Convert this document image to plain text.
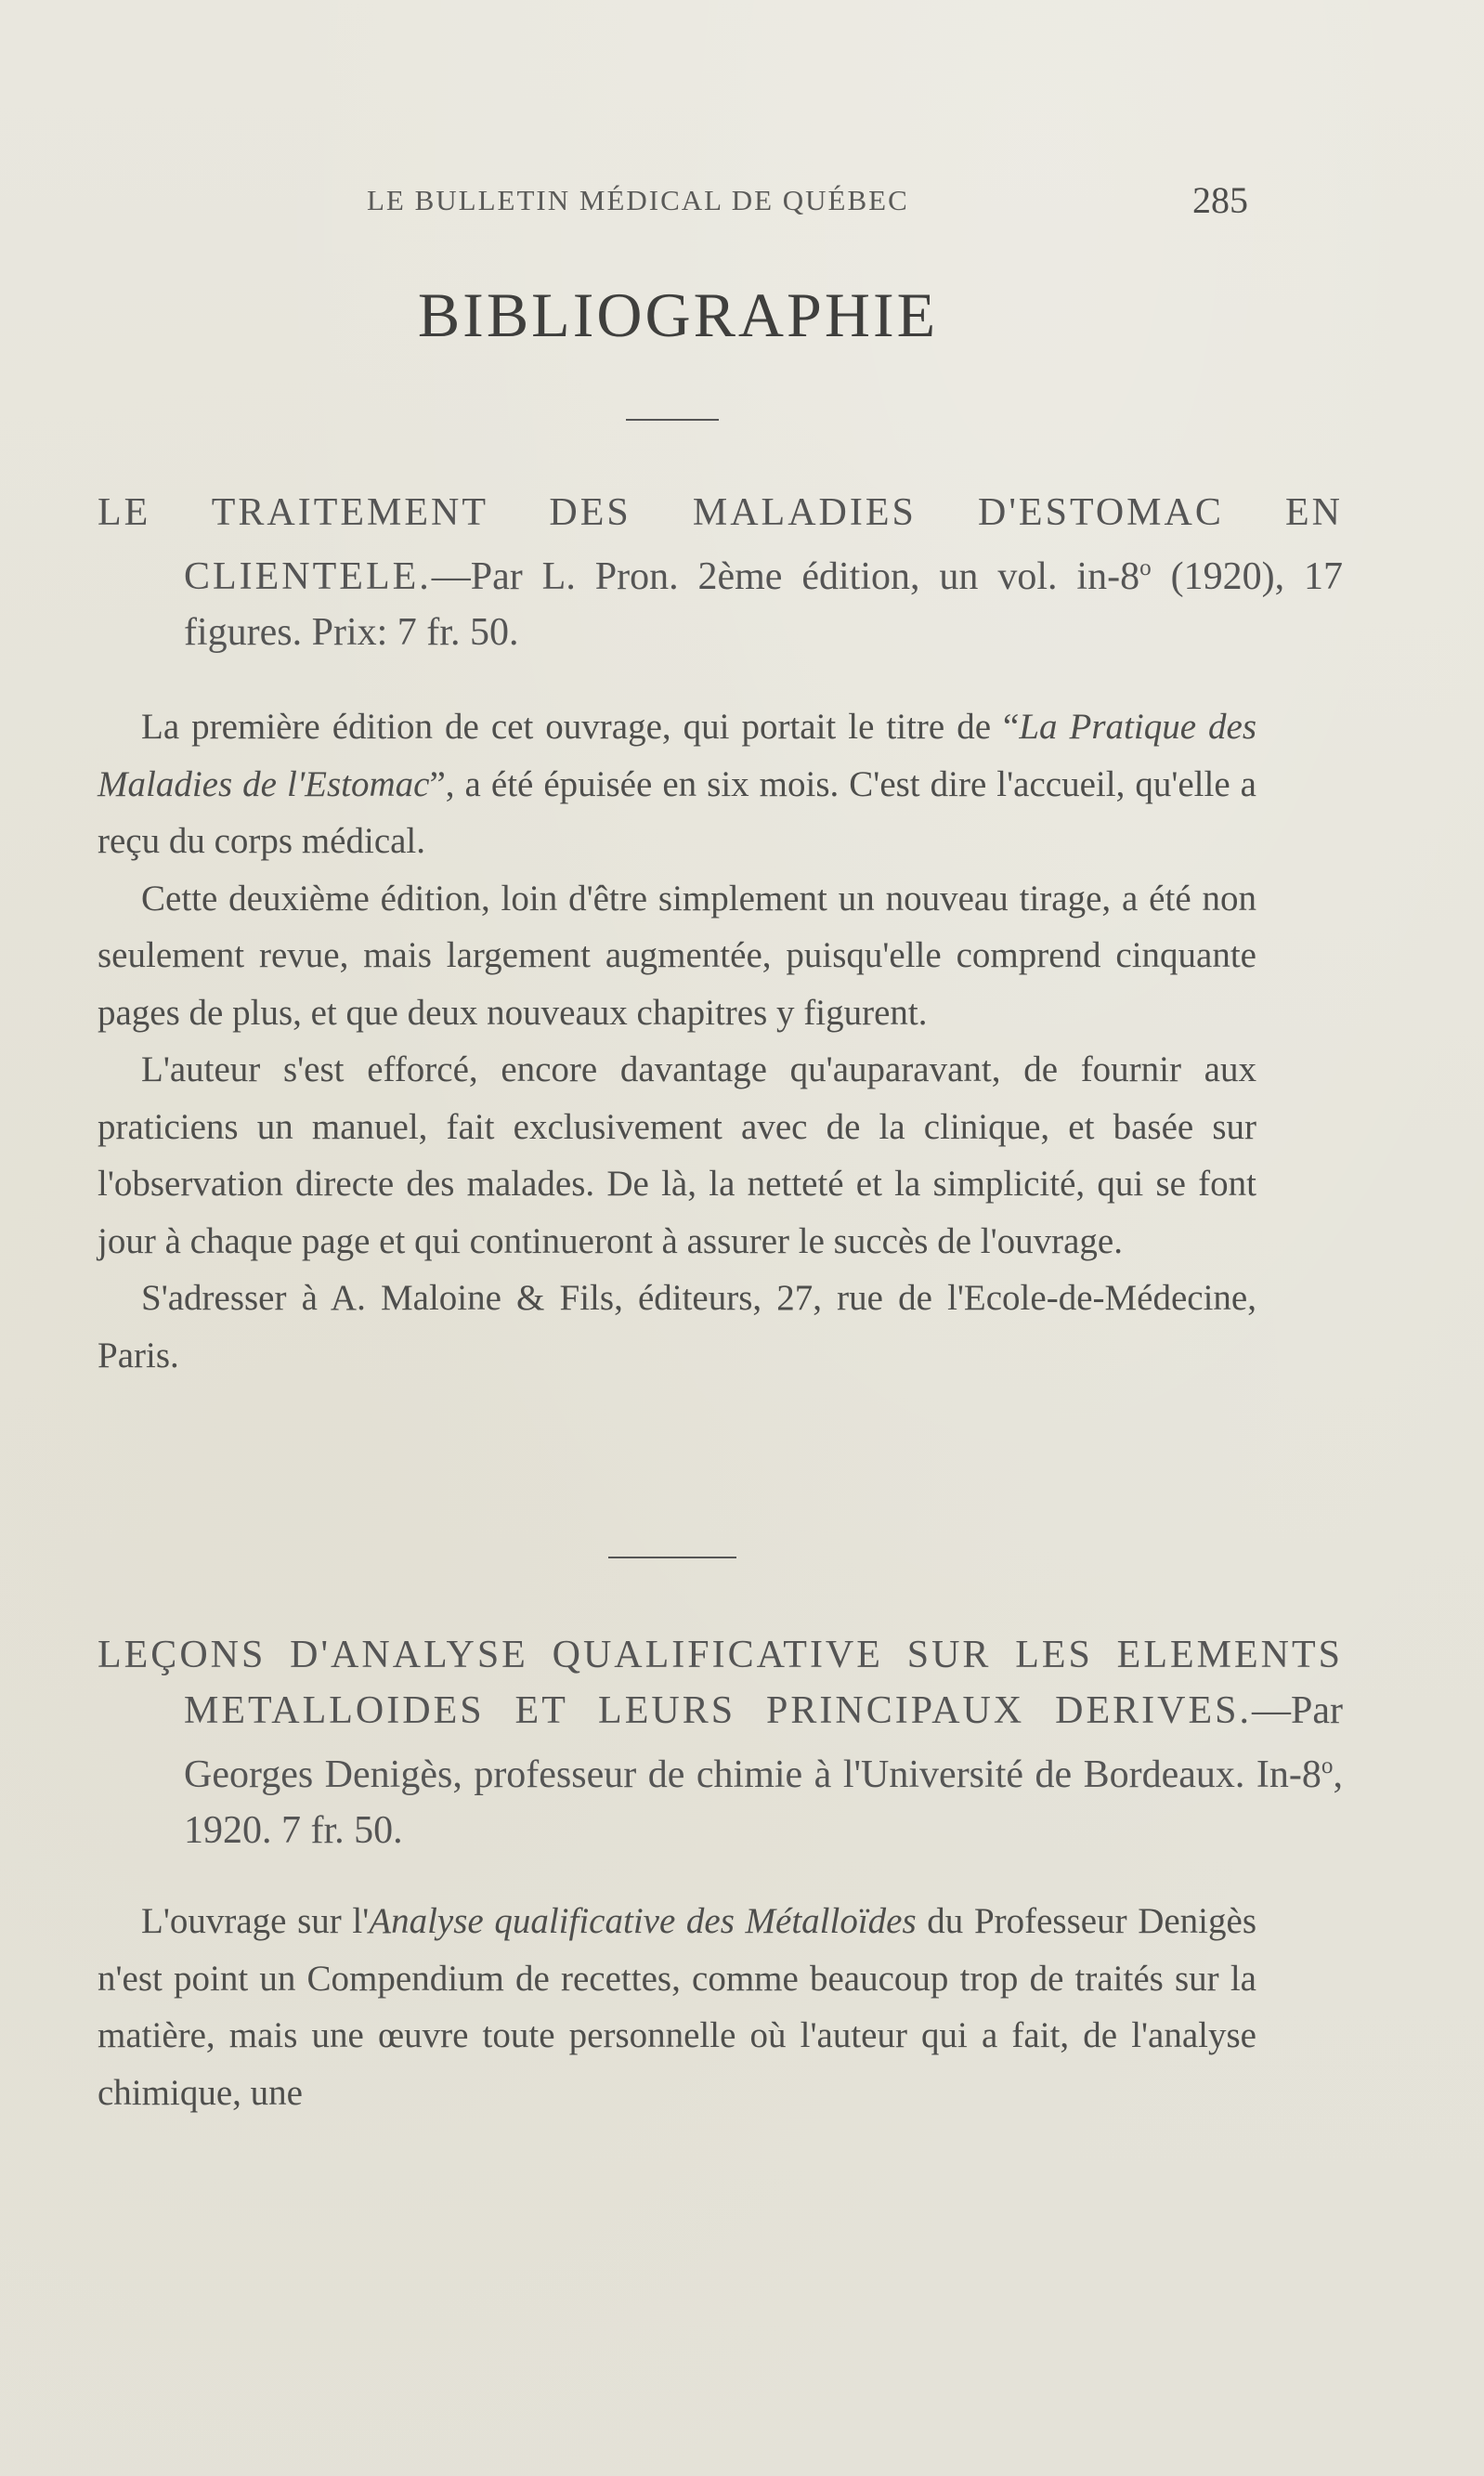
LE BULLETIN MÉDICAL DE QUÉBEC	285
BIBLIOGRAPHIE
LE TRAITEMENT DES MALADIES D'ESTOMAC EN CLIENTELE.—Par L. Pron. 2ème édition, un vol. in-8$^o$ (1920), 17 figures. Prix: 7 fr. 50.

La première édition de cet ouvrage, qui portait le titre de “La Pratique des Maladies de l'Estomac”, a été épuisée en six mois. C'est dire l'accueil, qu'elle a reçu du corps médical.

Cette deuxième édition, loin d'être simplement un nouveau tirage, a été non seulement revue, mais largement augmentée, puisqu'elle comprend cinquante pages de plus, et que deux nouveaux chapitres y figurent.

L'auteur s'est efforcé, encore davantage qu'auparavant, de fournir aux praticiens un manuel, fait exclusivement avec de la clinique, et basée sur l'observation directe des malades. De là, la netteté et la simplicité, qui se font jour à chaque page et qui continueront à assurer le succès de l'ouvrage.

S'adresser à A. Maloine & Fils, éditeurs, 27, rue de l'Ecole-de-Médecine, Paris.

LEÇONS D'ANALYSE QUALIFICATIVE SUR LES ELEMENTS METALLOIDES ET LEURS PRINCIPAUX DERIVES.—Par Georges Denigès, professeur de chimie à l'Université de Bordeaux. In-8$^o$, 1920. 7 fr. 50.

L'ouvrage sur l'Analyse qualificative des Métalloïdes du Professeur Denigès n'est point un Compendium de recettes, comme beaucoup trop de traités sur la matière, mais une œuvre toute personnelle où l'auteur qui a fait, de l'analyse chimique, une
